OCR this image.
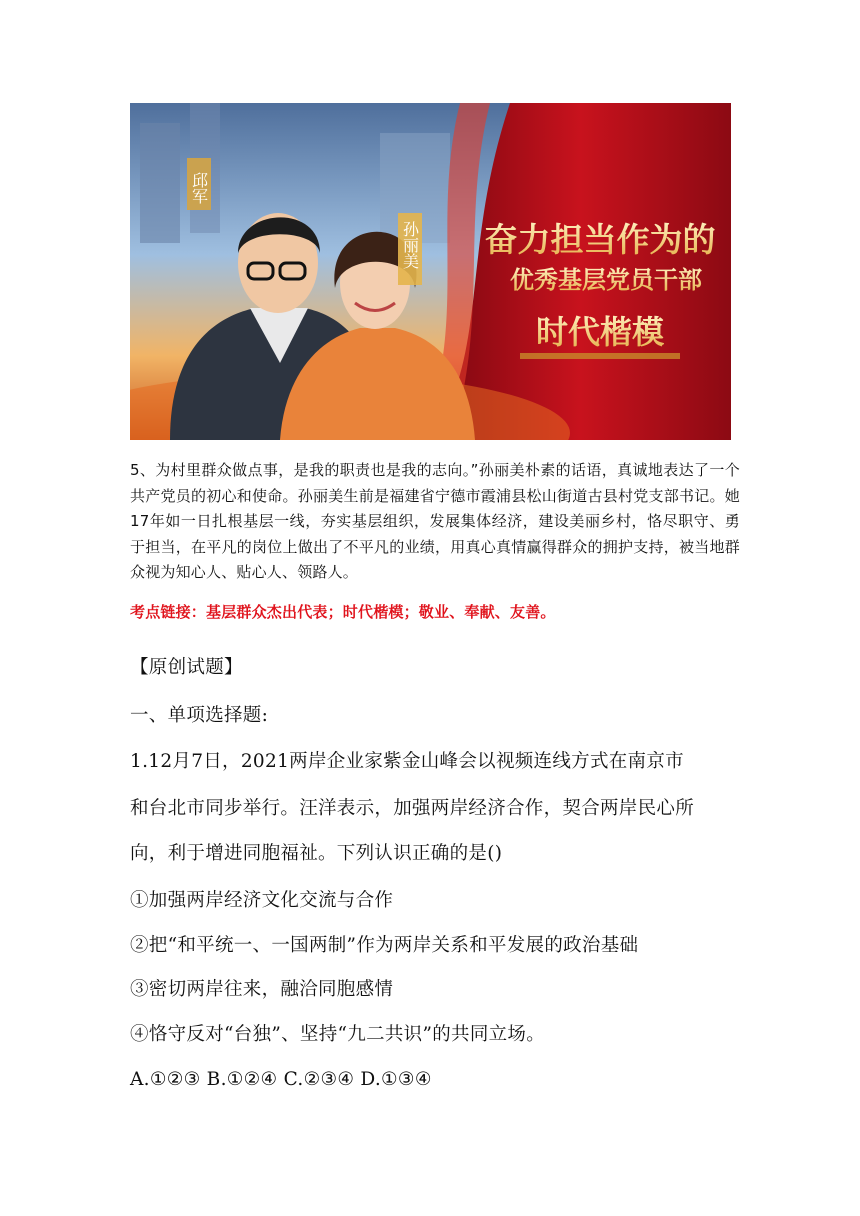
邱军
孙丽美 奋力担当作为的
优秀基层党员干部
时代楷模

5、为村里群众做点事，是我的职责也是我的志向。”孙丽美朴素的话语，真诚地表达了一个共产党员的初心和使命。孙丽美生前是福建省宁德市霞浦县松山街道古县村党支部书记。她17年如一日扎根基层一线，夯实基层组织，发展集体经济，建设美丽乡村，恪尽职守、勇于担当，在平凡的岗位上做出了不平凡的业绩，用真心真情赢得群众的拥护支持，被当地群众视为知心人、贴心人、领路人。

考点链接：基层群众杰出代表；时代楷模；敬业、奉献、友善。

【原创试题】

一、单项选择题:

1.12月7日，2021两岸企业家紫金山峰会以视频连线方式在南京市

和台北市同步举行。汪洋表示，加强两岸经济合作，契合两岸民心所

向，利于增进同胞福祉。下列认识正确的是()

①加强两岸经济文化交流与合作

②把“和平统一、一国两制”作为两岸关系和平发展的政治基础

③密切两岸往来，融洽同胞感情

④恪守反对“台独”、坚持“九二共识”的共同立场。

A.①②③ B.①②④ C.②③④ D.①③④
